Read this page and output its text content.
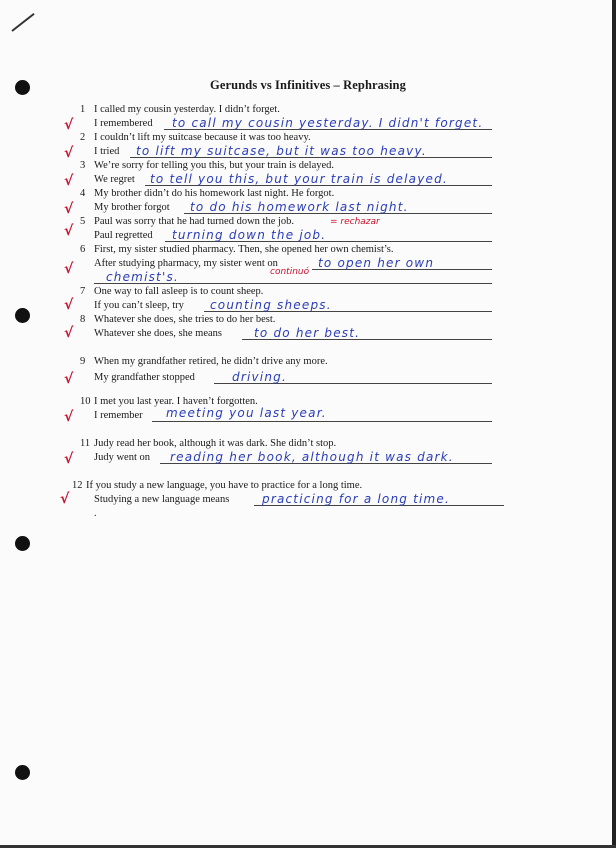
Gerunds vs Infinitives – Rephrasing
1 I called my cousin yesterday. I didn’t forget.
I remembered to call my cousin yesterday. I didn't forget.
√
2 I couldn’t lift my suitcase because it was too heavy.
I tried to lift my suitcase, but it was too heavy.
√
3 We’re sorry for telling you this, but your train is delayed.
We regret to tell you this, but your train is delayed.
√
4 My brother didn’t do his homework last night. He forgot.
My brother forgot to do his homework last night.
√
5 Paul was sorry that he had turned down the job.	= rechazar
Paul regretted turning down the job.
√
6 First, my sister studied pharmacy. Then, she opened her own chemist’s.
After studying pharmacy, my sister went on	to open her own
continuó
chemist's.
√
7 One way to fall asleep is to count sheep.
If you can’t sleep, try counting sheeps.
√
8 Whatever she does, she tries to do her best.
Whatever she does, she means	to do her best.
√
9 When my grandfather retired, he didn’t drive any more.
My grandfather stopped	driving.
√
10 I met you last year. I haven’t forgotten.
I remember meeting you last year.
√
11 Judy read her book, although it was dark. She didn’t stop.
Judy went on reading her book, although it was dark.
√
12 If you study a new language, you have to practice for a long time.
Studying a new language means	practicing for a long time.
√
.
